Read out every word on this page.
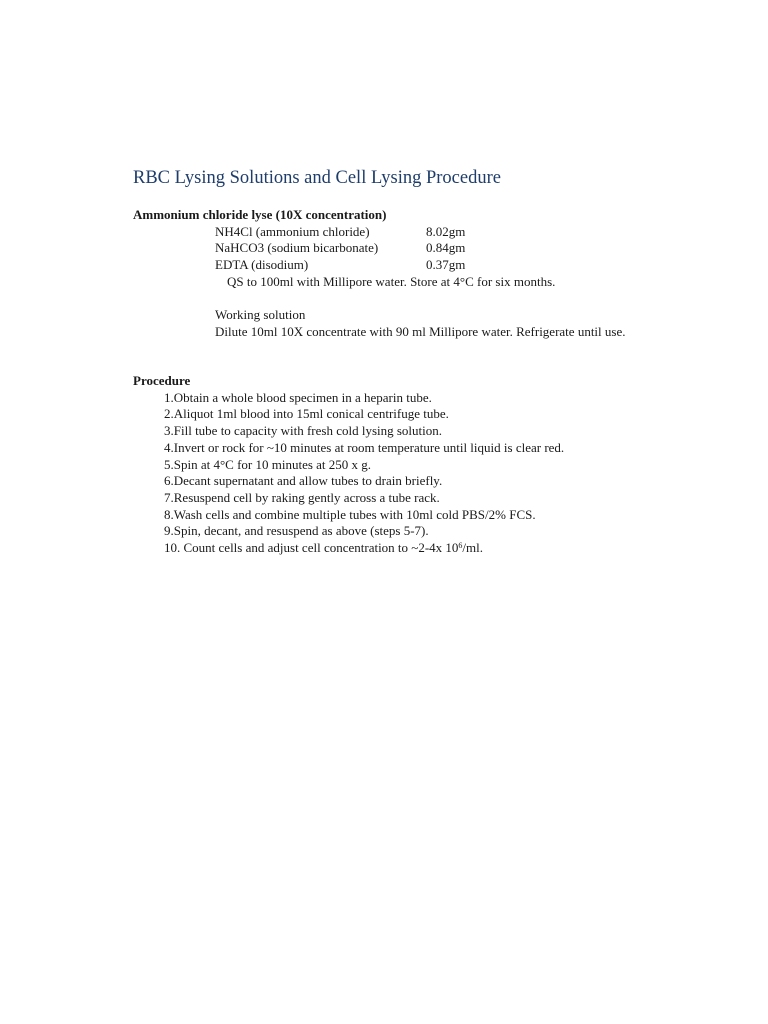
RBC Lysing Solutions and Cell Lysing Procedure
Ammonium chloride lyse (10X concentration)
NH4Cl (ammonium chloride)	8.02gm
NaHCO3 (sodium bicarbonate)	0.84gm
EDTA (disodium)	0.37gm
QS to 100ml with Millipore water. Store at 4°C for six months.
Working solution
Dilute 10ml 10X concentrate with 90 ml Millipore water. Refrigerate until use.
Procedure
1.Obtain a whole blood specimen in a heparin tube.
2.Aliquot 1ml blood into 15ml conical centrifuge tube.
3.Fill tube to capacity with fresh cold lysing solution.
4.Invert or rock for ~10 minutes at room temperature until liquid is clear red.
5.Spin at 4°C for 10 minutes at 250 x g.
6.Decant supernatant and allow tubes to drain briefly.
7.Resuspend cell by raking gently across a tube rack.
8.Wash cells and combine multiple tubes with 10ml cold PBS/2% FCS.
9.Spin, decant, and resuspend as above (steps 5-7).
10. Count cells and adjust cell concentration to ~2-4x $10^6/ml$.
